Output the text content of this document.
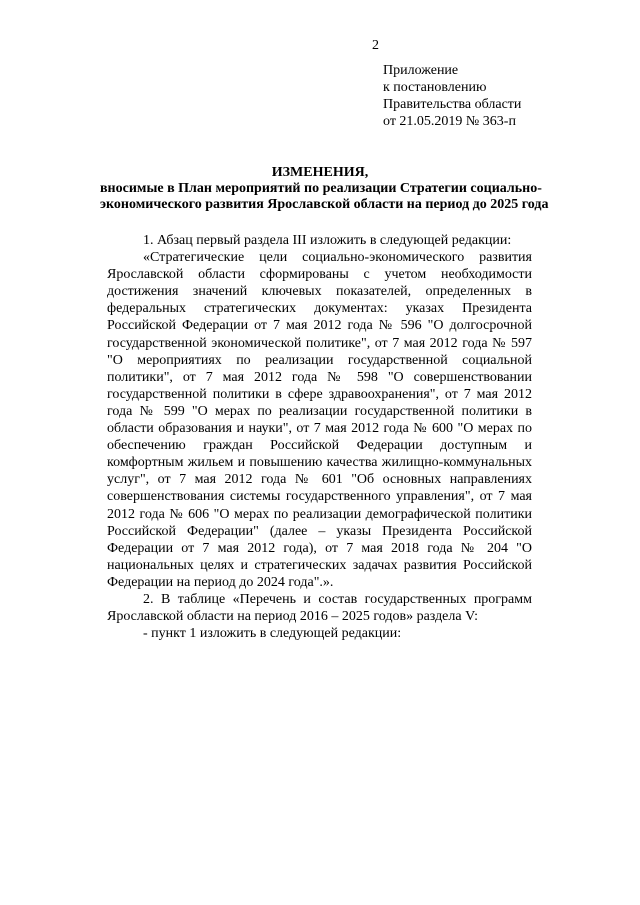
2
Приложение
к постановлению
Правительства области
от 21.05.2019 № 363-п
ИЗМЕНЕНИЯ,
вносимые в План мероприятий по реализации Стратегии социально-
экономического развития Ярославской области на период до 2025 года

1. Абзац первый раздела III изложить в следующей редакции:

«Стратегические цели социально-экономического развития Ярославской области сформированы с учетом необходимости достижения значений ключевых показателей, определенных в федеральных стратегических документах: указах Президента Российской Федерации от 7 мая 2012 года № 596 "О долгосрочной государственной экономической политике", от 7 мая 2012 года № 597 "О мероприятиях по реализации государственной социальной политики", от 7 мая 2012 года № 598 "О совершенствовании государственной политики в сфере здравоохранения", от 7 мая 2012 года № 599 "О мерах по реализации государственной политики в области образования и науки", от 7 мая 2012 года № 600 "О мерах по обеспечению граждан Российской Федерации доступным и комфортным жильем и повышению качества жилищно-коммунальных услуг", от 7 мая 2012 года № 601 "Об основных направлениях совершенствования системы государственного управления", от 7 мая 2012 года № 606 "О мерах по реализации демографической политики Российской Федерации" (далее – указы Президента Российской Федерации от 7 мая 2012 года), от 7 мая 2018 года № 204 "О национальных целях и стратегических задачах развития Российской Федерации на период до 2024 года".».

2. В таблице «Перечень и состав государственных программ Ярославской области на период 2016 – 2025 годов» раздела V:

- пункт 1 изложить в следующей редакции:
